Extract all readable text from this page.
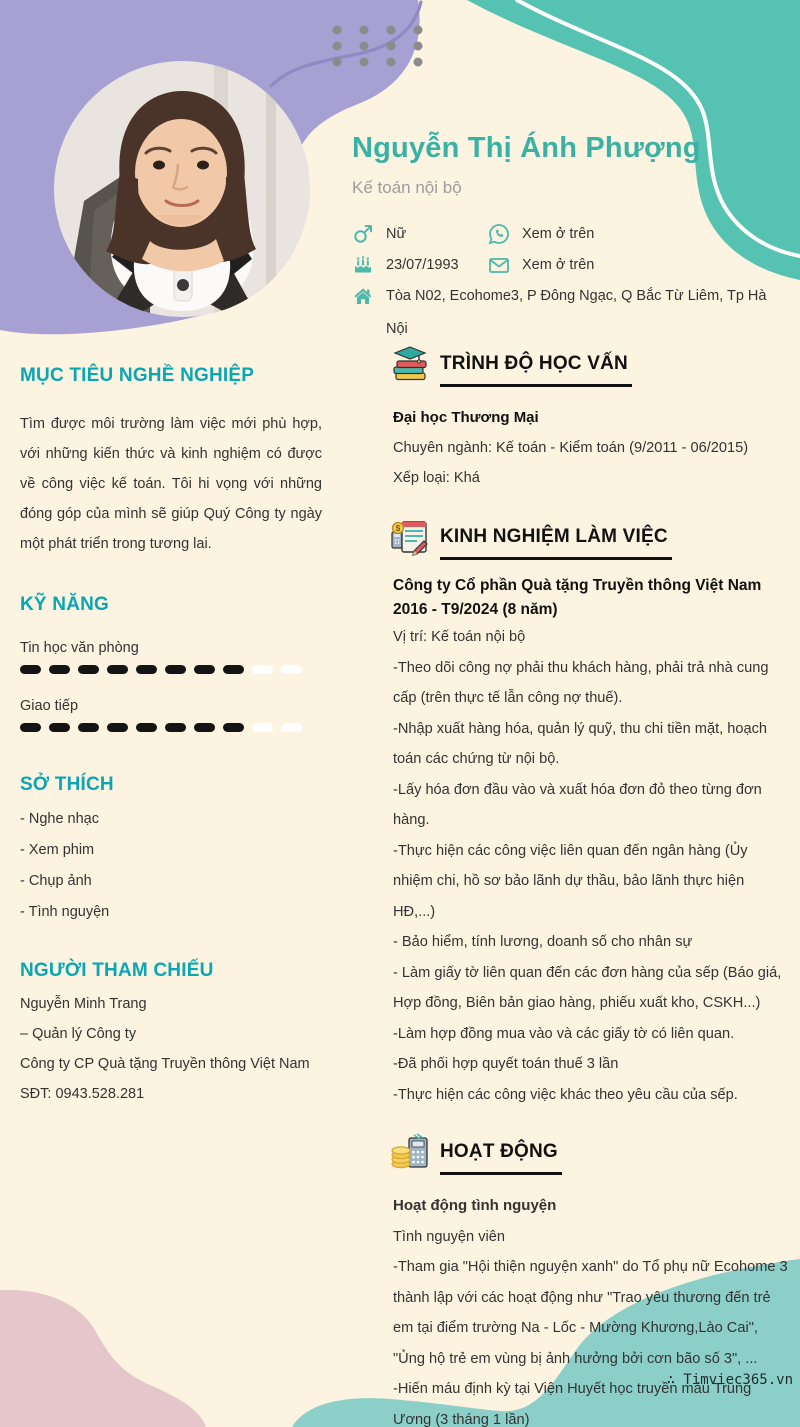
Nguyễn Thị Ánh Phượng
Kế toán nội bộ
Nữ	Xem ở trên
23/07/1993	Xem ở trên
Tòa N02, Ecohome3, P Đông Ngạc, Q Bắc Từ Liêm, Tp Hà Nội
MỤC TIÊU NGHỀ NGHIỆP
Tìm được môi trường làm việc mới phù hợp, với những kiến thức và kinh nghiệm có được về công việc kế toán. Tôi hi vọng với những đóng góp của mình sẽ giúp Quý Công ty ngày một phát triển trong tương lai.
KỸ NĂNG
Tin học văn phòng
Giao tiếp
SỞ THÍCH
- Nghe nhạc
- Xem phim
- Chụp ảnh
- Tình nguyện
NGƯỜI THAM CHIẾU
Nguyễn Minh Trang
– Quản lý Công ty
Công ty CP Quà tặng Truyền thông Việt Nam
SĐT: 0943.528.281
TRÌNH ĐỘ HỌC VẤN
Đại học Thương Mại
Chuyên ngành: Kế toán - Kiểm toán (9/2011 - 06/2015)
Xếp loại: Khá
$ KINH NGHIỆM LÀM VIỆC
Công ty Cổ phần Quà tặng Truyền thông Việt Nam
2016 - T9/2024 (8 năm)
Vị trí: Kế toán nội bộ
-Theo dõi công nợ phải thu khách hàng, phải trả nhà cung cấp (trên thực tế lẫn công nợ thuế).
-Nhập xuất hàng hóa, quản lý quỹ, thu chi tiền mặt, hoạch toán các chứng từ nội bộ.
-Lấy hóa đơn đầu vào và xuất hóa đơn đỏ theo từng đơn hàng.
-Thực hiện các công việc liên quan đến ngân hàng (Ủy nhiệm chi, hồ sơ bảo lãnh dự thầu, bảo lãnh thực hiện HĐ,...)
- Bảo hiểm, tính lương, doanh số cho nhân sự
- Làm giấy tờ liên quan đến các đơn hàng của sếp (Báo giá, Hợp đồng, Biên bản giao hàng, phiếu xuất kho, CSKH...)
-Làm hợp đồng mua vào và các giấy tờ có liên quan.
-Đã phối hợp quyết toán thuế 3 lần
-Thực hiện các công việc khác theo yêu cầu của sếp.
HOẠT ĐỘNG
Hoạt động tình nguyện
Tình nguyện viên
-Tham gia "Hội thiện nguyện xanh" do Tổ phụ nữ Ecohome 3 thành lập với các hoạt động như "Trao yêu thương đến trẻ em tại điểm trường Na - Lốc - Mường Khương,Lào Cai", "Ủng hộ trẻ em vùng bị ảnh hưởng bởi cơn bão số 3", ...
-Hiến máu định kỳ tại Viện Huyết học truyền máu Trung Ương (3 tháng 1 lần)
∴ Timviec365.vn
